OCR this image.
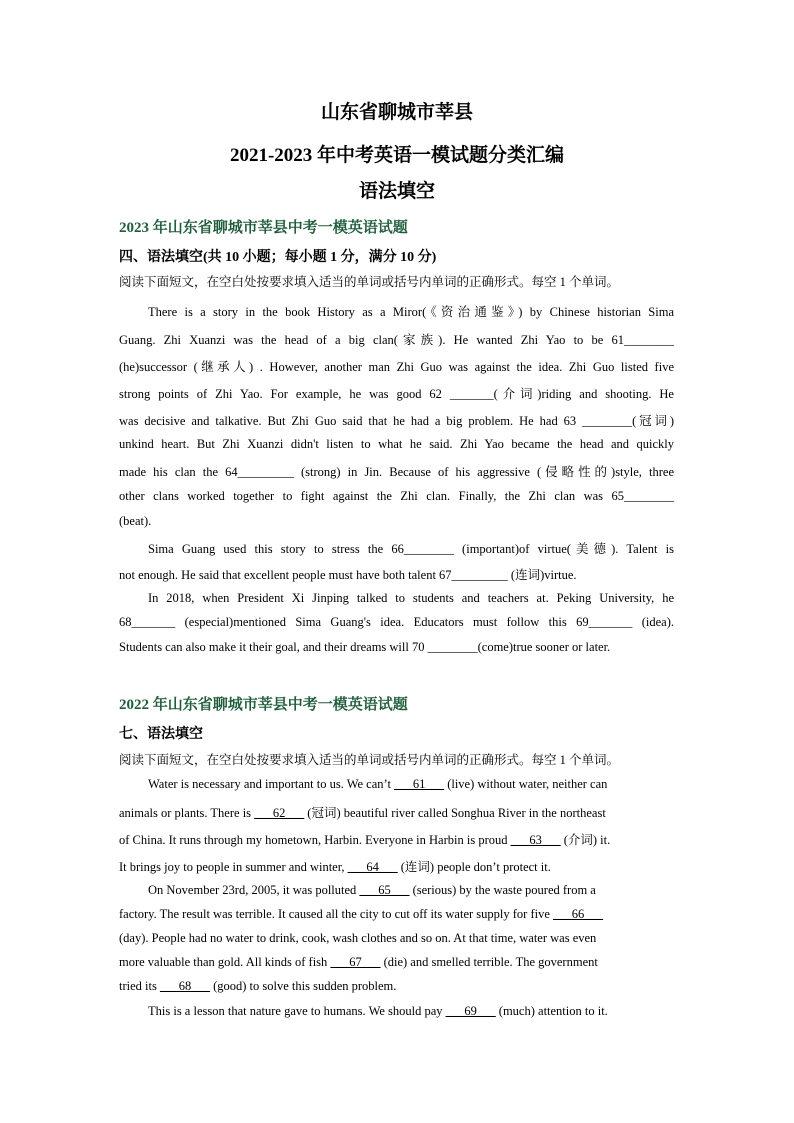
山东省聊城市莘县
2021-2023 年中考英语一模试题分类汇编
语法填空
2023 年山东省聊城市莘县中考一模英语试题
四、语法填空(共 10 小题；每小题 1 分，满分 10 分)
阅读下面短文，在空白处按要求填入适当的单词或括号内单词的正确形式。每空 1 个单词。
There is a story in the book History as a Miror(《资治通鉴》) by Chinese historian Sima
Guang. Zhi Xuanzi was the head of a big clan(家族). He wanted Zhi Yao to be 61________
(he)successor (继承人) . However, another man Zhi Guo was against the idea. Zhi Guo listed five
strong points of Zhi Yao. For example, he was good 62 _______(介词)riding and shooting. He
was decisive and talkative. But Zhi Guo said that he had a big problem. He had 63 ________(冠词)
unkind heart. But Zhi Xuanzi didn't listen to what he said. Zhi Yao became the head and quickly
made his clan the 64_________ (strong) in Jin. Because of his aggressive (侵略性的)style, three
other clans worked together to fight against the Zhi clan. Finally, the Zhi clan was 65________
(beat).
Sima Guang used this story to stress the 66________ (important)of virtue(美德). Talent is
not enough. He said that excellent people must have both talent 67_________ (连词)virtue.
In 2018, when President Xi Jinping talked to students and teachers at. Peking University, he
68_______ (especial)mentioned Sima Guang's idea. Educators must follow this 69_______ (idea).
Students can also make it their goal, and their dreams will 70 ________(come)true sooner or later.
2022 年山东省聊城市莘县中考一模英语试题
七、语法填空
阅读下面短文，在空白处按要求填入适当的单词或括号内单词的正确形式。每空 1 个单词。
Water is necessary and important to us. We can’t ___61___ (live) without water, neither can
animals or plants. There is ___62___ (冠词) beautiful river called Songhua River in the northeast
of China. It runs through my hometown, Harbin. Everyone in Harbin is proud ___63___ (介词) it.
It brings joy to people in summer and winter, ___64___ (连词) people don’t protect it.
On November 23rd, 2005, it was polluted ___65___ (serious) by the waste poured from a
factory. The result was terrible. It caused all the city to cut off its water supply for five ___66___
(day). People had no water to drink, cook, wash clothes and so on. At that time, water was even
more valuable than gold. All kinds of fish ___67___ (die) and smelled terrible. The government
tried its ___68___ (good) to solve this sudden problem.
This is a lesson that nature gave to humans. We should pay ___69___ (much) attention to it.
